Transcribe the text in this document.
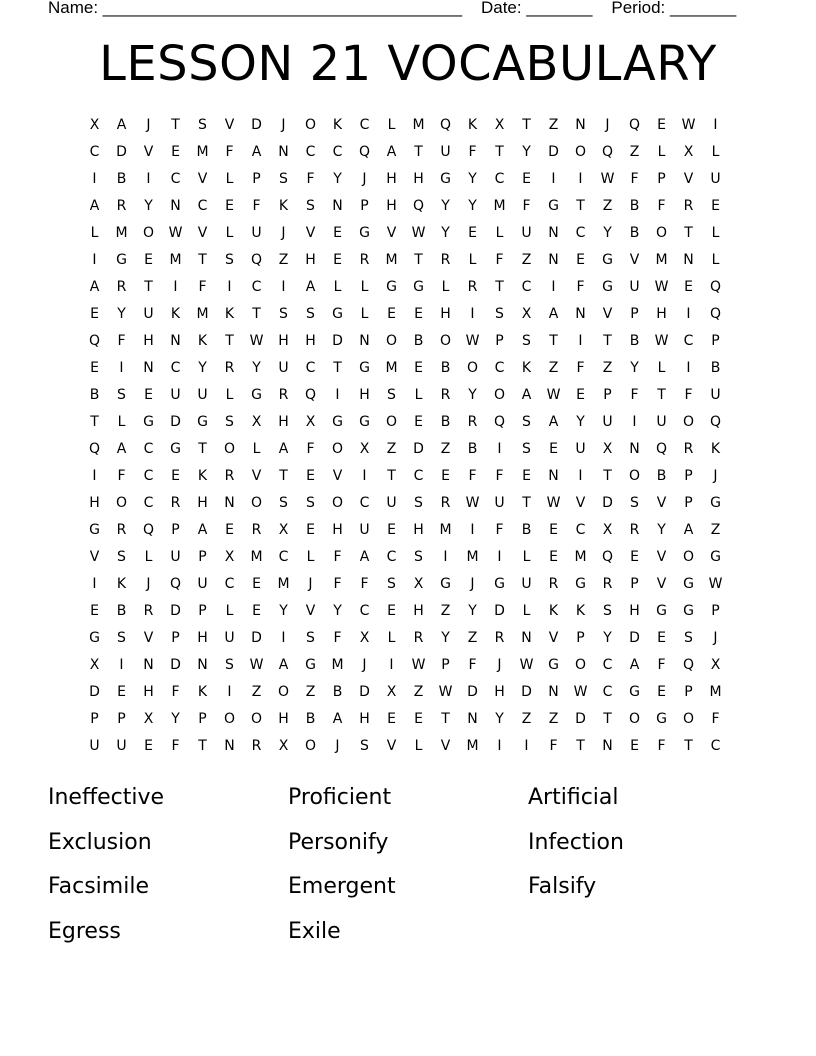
Name: ______________________________________    Date: _______    Period: _______
LESSON 21 VOCABULARY
X	A	J	T	S	V	D	J	O	K	C	L	M	Q	K	X	T	Z	N	J	Q	E	W	I
C	D	V	E	M	F	A	N	C	C	Q	A	T	U	F	T	Y	D	O	Q	Z	L	X	L
I	B	I	C	V	L	P	S	F	Y	J	H	H	G	Y	C	E	I	I	W	F	P	V	U
A	R	Y	N	C	E	F	K	S	N	P	H	Q	Y	Y	M	F	G	T	Z	B	F	R	E
L	M	O	W	V	L	U	J	V	E	G	V	W	Y	E	L	U	N	C	Y	B	O	T	L
I	G	E	M	T	S	Q	Z	H	E	R	M	T	R	L	F	Z	N	E	G	V	M	N	L
A	R	T	I	F	I	C	I	A	L	L	G	G	L	R	T	C	I	F	G	U	W	E	Q
E	Y	U	K	M	K	T	S	S	G	L	E	E	H	I	S	X	A	N	V	P	H	I	Q
Q	F	H	N	K	T	W	H	H	D	N	O	B	O	W	P	S	T	I	T	B	W	C	P
E	I	N	C	Y	R	Y	U	C	T	G	M	E	B	O	C	K	Z	F	Z	Y	L	I	B
B	S	E	U	U	L	G	R	Q	I	H	S	L	R	Y	O	A	W	E	P	F	T	F	U
T	L	G	D	G	S	X	H	X	G	G	O	E	B	R	Q	S	A	Y	U	I	U	O	Q
Q	A	C	G	T	O	L	A	F	O	X	Z	D	Z	B	I	S	E	U	X	N	Q	R	K
I	F	C	E	K	R	V	T	E	V	I	T	C	E	F	F	E	N	I	T	O	B	P	J
H	O	C	R	H	N	O	S	S	O	C	U	S	R	W	U	T	W	V	D	S	V	P	G
G	R	Q	P	A	E	R	X	E	H	U	E	H	M	I	F	B	E	C	X	R	Y	A	Z
V	S	L	U	P	X	M	C	L	F	A	C	S	I	M	I	L	E	M	Q	E	V	O	G
I	K	J	Q	U	C	E	M	J	F	F	S	X	G	J	G	U	R	G	R	P	V	G	W
E	B	R	D	P	L	E	Y	V	Y	C	E	H	Z	Y	D	L	K	K	S	H	G	G	P
G	S	V	P	H	U	D	I	S	F	X	L	R	Y	Z	R	N	V	P	Y	D	E	S	J
X	I	N	D	N	S	W	A	G	M	J	I	W	P	F	J	W	G	O	C	A	F	Q	X
D	E	H	F	K	I	Z	O	Z	B	D	X	Z	W	D	H	D	N	W	C	G	E	P	M
P	P	X	Y	P	O	O	H	B	A	H	E	E	T	N	Y	Z	Z	D	T	O	G	O	F
U	U	E	F	T	N	R	X	O	J	S	V	L	V	M	I	I	F	T	N	E	F	T	C
Ineffective	Proficient	Artificial
Exclusion	Personify	Infection
Facsimile	Emergent	Falsify
Egress	Exile
